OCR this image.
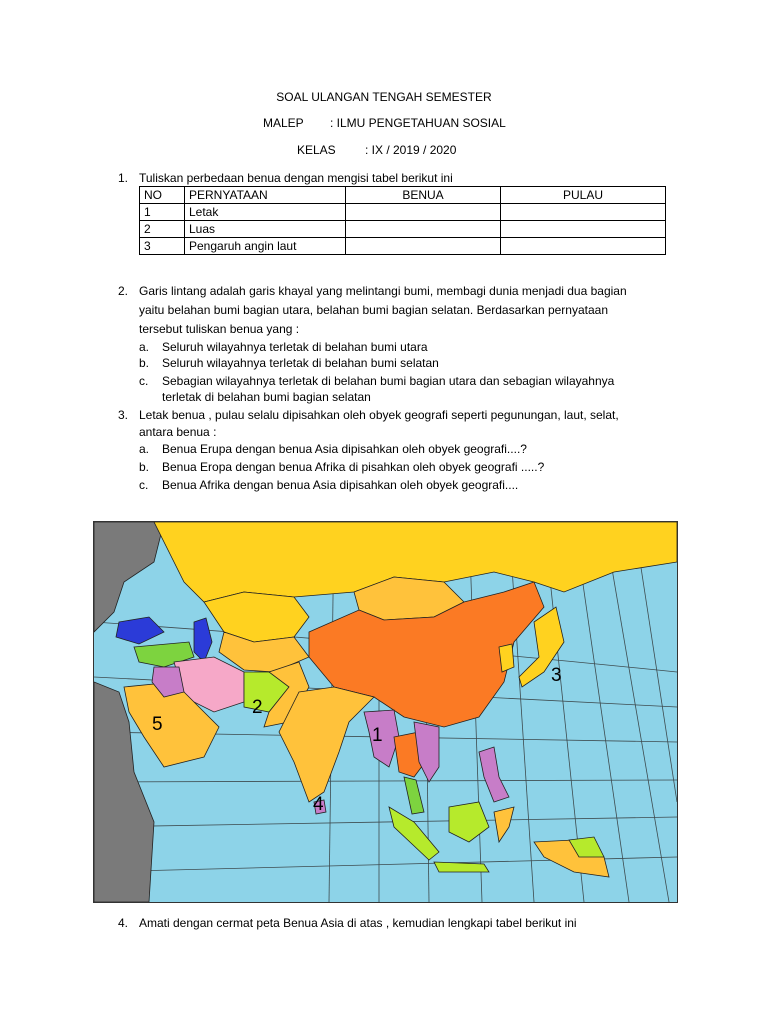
SOAL ULANGAN TENGAH SEMESTER
MALEP : ILMU PENGETAHUAN SOSIAL
KELAS : IX / 2019 / 2020
1. Tuliskan perbedaan benua dengan mengisi tabel berikut ini
NO	PERNYATAAN	BENUA	PULAU
1	Letak		
2	Luas		
3	Pengaruh angin laut		
2. Garis lintang adalah garis khayal yang melintangi bumi, membagi dunia menjadi dua bagian
yaitu belahan bumi bagian utara, belahan bumi bagian selatan. Berdasarkan pernyataan
tersebut tuliskan benua yang :
a. Seluruh wilayahnya terletak di belahan bumi utara
b. Seluruh wilayahnya terletak di belahan bumi selatan
c. Sebagian wilayahnya terletak di belahan bumi bagian utara dan sebagian wilayahnya
terletak di belahan bumi bagian selatan
3. Letak benua , pulau selalu dipisahkan oleh obyek geografi seperti pegunungan, laut, selat,
antara benua :
a. Benua Erupa dengan benua Asia dipisahkan oleh obyek geografi....?
b. Benua Eropa dengan benua Afrika di pisahkan oleh obyek geografi .....?
c. Benua Afrika dengan benua Asia dipisahkan oleh obyek geografi....
1
2
3
4
5
4. Amati dengan cermat peta Benua Asia di atas , kemudian lengkapi tabel berikut ini
